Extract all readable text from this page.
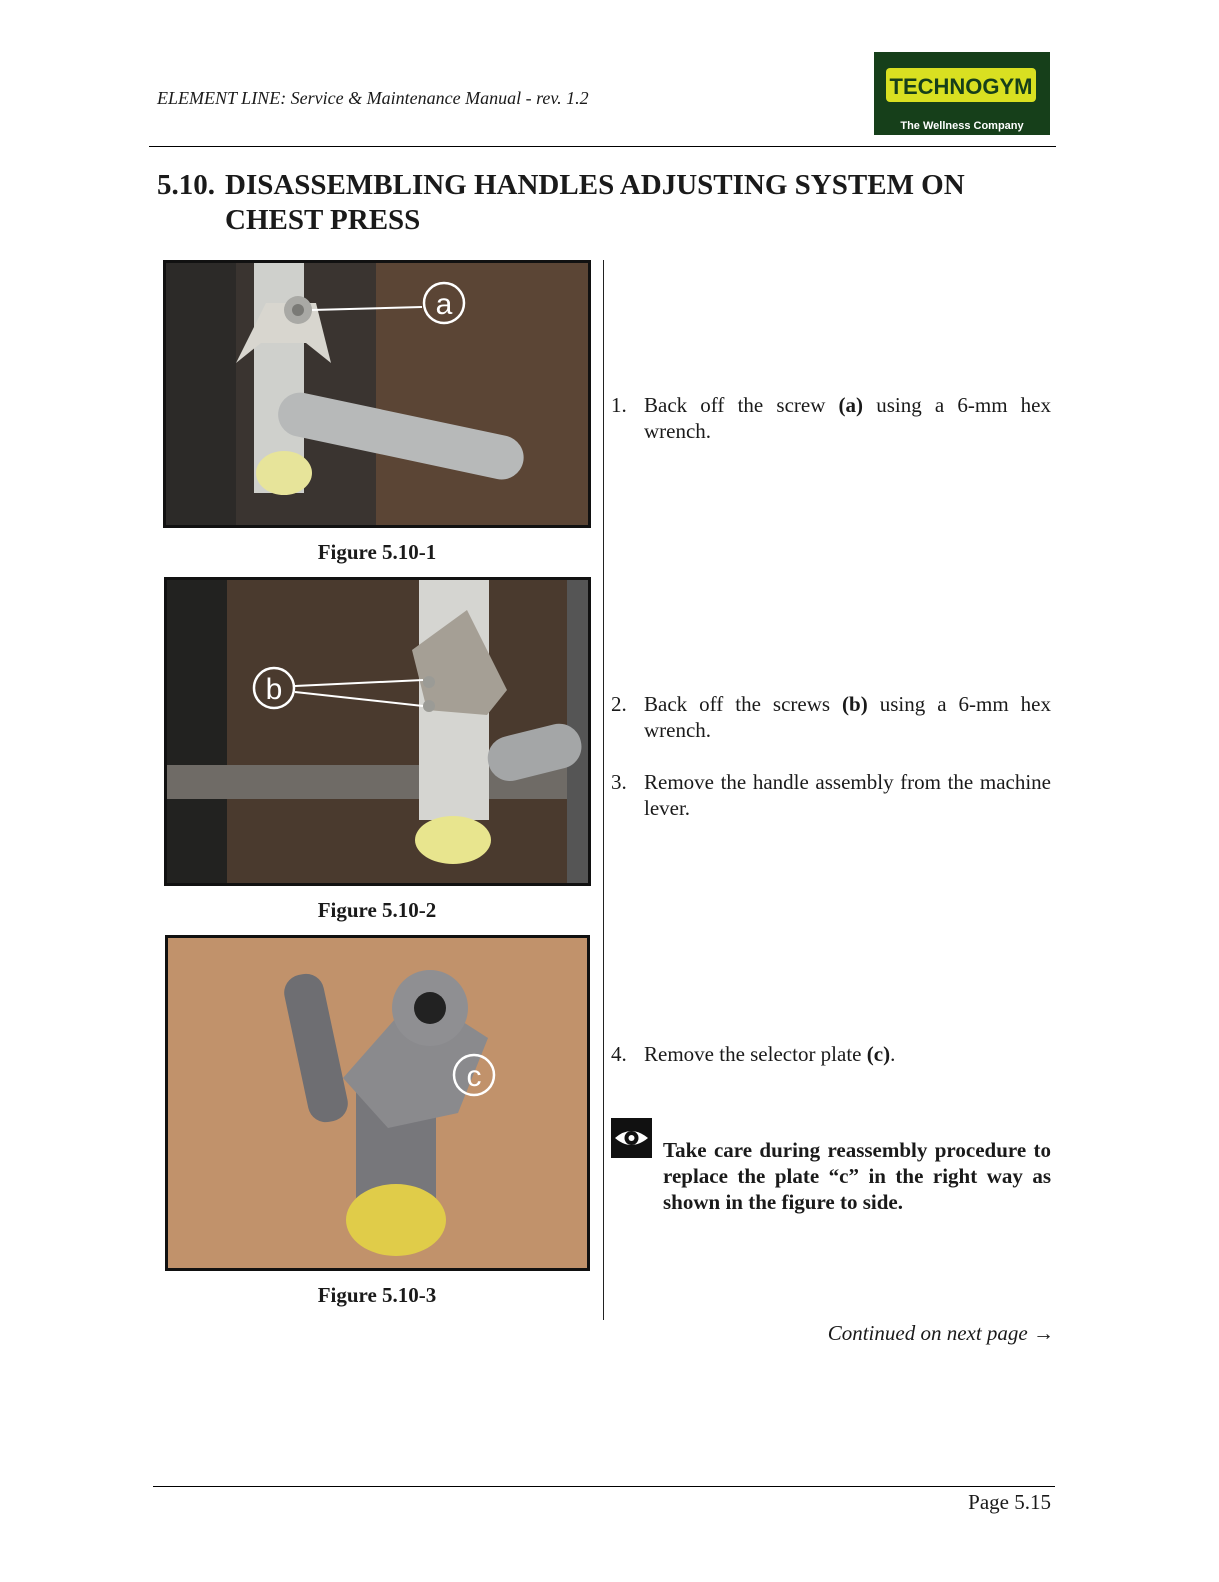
ELEMENT LINE: Service & Maintenance Manual - rev. 1.2	TECHNOGYM
The Wellness Company
5.10. DISASSEMBLING HANDLES ADJUSTING SYSTEM ON
CHEST PRESS
a
Figure 5.10-1
b
Figure 5.10-2
c
Figure 5.10-3
1. Back off the screw (a) using a 6-mm hex wrench.
2. Back off the screws (b) using a 6-mm hex wrench.
3. Remove the handle assembly from the machine lever.
4. Remove the selector plate (c).
Take care during reassembly procedure to replace the plate “c” in the right way as shown in the figure to side.
Continued on next page →
Page 5.15
